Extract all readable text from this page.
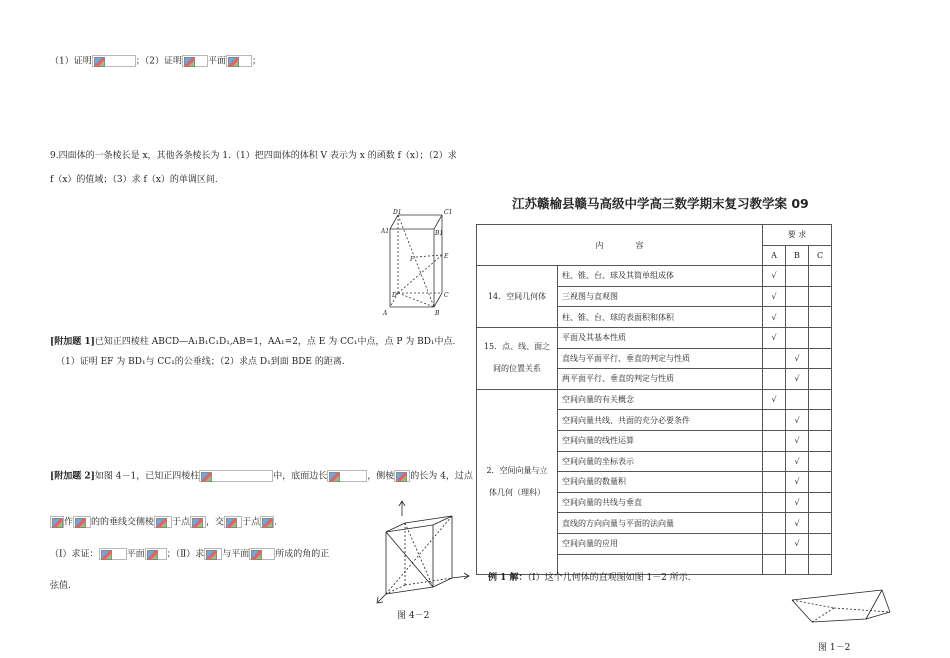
（1）证明	；（2）证明	平面	；
9.四面体的一条棱长是 x，其他各条棱长为 1.（1）把四面体的体积 V 表示为 x 的函数 f（x）；（2）求
f（x）的值域；（3）求 f（x）的单调区间.
D1	C1
A1	B1
F	E
D	C
A	B
[附加题 1]已知正四棱柱 ABCD—A₁B₁C₁D₁,AB=1，AA₁=2，点 E 为 CC₁中点，点 P 为 BD₁中点.
（1）证明 EF 为 BD₁与 CC₁的公垂线；（2）求点 D₁到面 BDE 的距离.
[附加题 2]如图 4－1，已知正四棱柱	中，底面边长	，侧棱 的长为 4，过点
作 的的垂线交侧棱 于点 ，交 于点 .
（Ⅰ）求证：	平面 ；（Ⅱ）求 与平面	所成的角的正
弦值.
图 4－2
江苏赣榆县赣马高级中学高三数学期末复习教学案 09
内　　　　容		要 求		
		A	B	C

14．空间几何体	柱、锥、台、球及其简单组成体	√		
	三视图与直观图	√		
	柱、锥、台、球的表面积和体积	√		

15．点、线、面之
间的位置关系	平面及其基本性质	√		
	直线与平面平行、垂直的判定与性质		√	
	两平面平行、垂直的判定与性质		√	

2．空间向量与立
体几何（理科）	空间向量的有关概念	√		
	空间向量共线、共面的充分必要条件		√	
	空间向量的线性运算		√	
	空间向量的坐标表示		√	
	空间向量的数量积		√	
	空间向量的共线与垂直		√	
	直线的方向向量与平面的法向量		√	
	空间向量的应用		√	

例 1 解：（Ⅰ）这个几何体的直观图如图 1－2 所示.
图 1－2
